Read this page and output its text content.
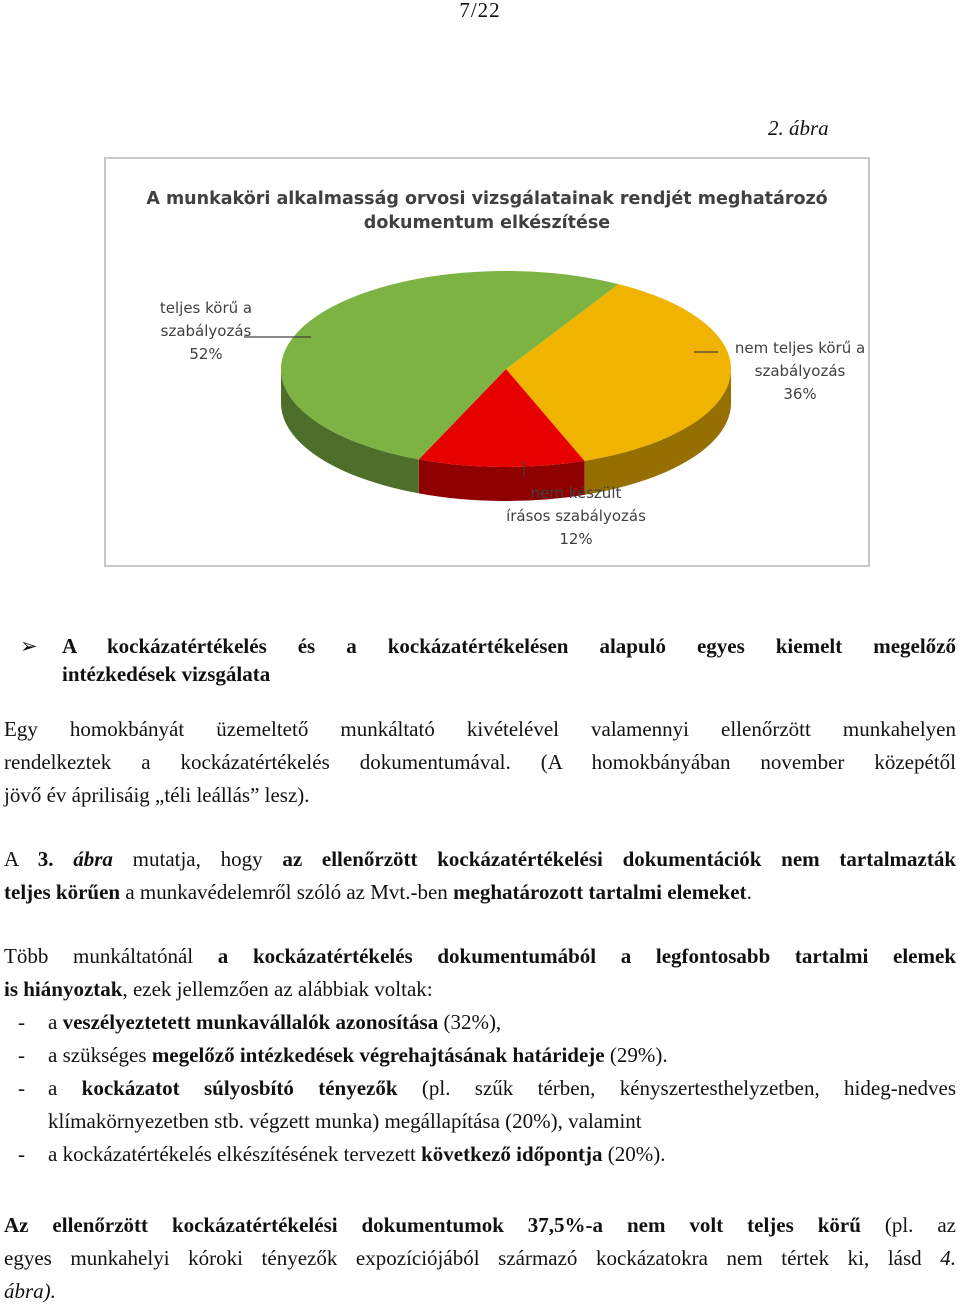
7/22
2. ábra
A munkaköri alkalmasság orvosi vizsgálatainak rendjét meghatározó
dokumentum elkészítése
teljes körű a
szabályozás
52%	nem teljes körű a
szabályozás
36%
nem készült
írásos szabályozás
12%
➢ A kockázatértékelés és a kockázatértékelésen alapuló egyes kiemelt megelőző
intézkedések vizsgálata
Egy homokbányát üzemeltető munkáltató kivételével valamennyi ellenőrzött munkahelyen
rendelkeztek a kockázatértékelés dokumentumával. (A homokbányában november közepétől
jövő év áprilisáig „téli leállás” lesz).
A 3. ábra mutatja, hogy az ellenőrzött kockázatértékelési dokumentációk nem tartalmazták
teljes körűen a munkavédelemről szóló az Mvt.-ben meghatározott tartalmi elemeket.
Több munkáltatónál a kockázatértékelés dokumentumából a legfontosabb tartalmi elemek
is hiányoztak, ezek jellemzően az alábbiak voltak:
- a veszélyeztetett munkavállalók azonosítása (32%),
- a szükséges megelőző intézkedések végrehajtásának határideje (29%).
- a kockázatot súlyosbító tényezők (pl. szűk térben, kényszertesthelyzetben, hideg-nedves
klímakörnyezetben stb. végzett munka) megállapítása (20%), valamint
- a kockázatértékelés elkészítésének tervezett következő időpontja (20%).
Az ellenőrzött kockázatértékelési dokumentumok 37,5%-a nem volt teljes körű (pl. az
egyes munkahelyi kóroki tényezők expozíciójából származó kockázatokra nem tértek ki, lásd 4.
ábra).
